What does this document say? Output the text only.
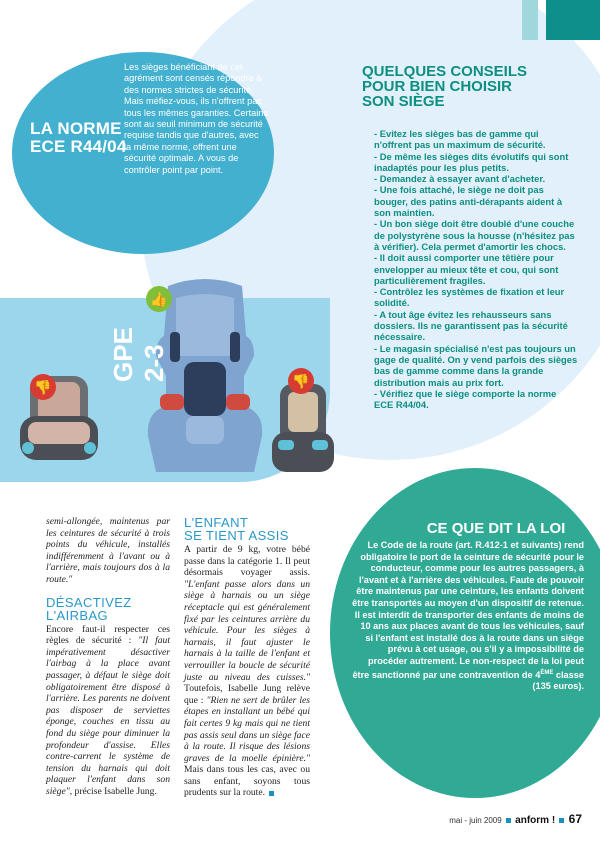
LA NORME ECE R44/04
Les sièges bénéficiant de cet agrément sont censés répondre à des normes strictes de sécurité. Mais méfiez-vous, ils n'offrent pas tous les mêmes garanties. Certains sont au seuil minimum de sécurité requise tandis que d'autres, avec la même norme, offrent une sécurité optimale. A vous de contrôler point par point.
QUELQUES CONSEILS
POUR BIEN CHOISIR
SON SIÈGE
- Evitez les sièges bas de gamme qui n'offrent pas un maximum de sécurité.
- De même les sièges dits évolutifs qui sont inadaptés pour les plus petits.
- Demandez à essayer avant d'acheter.
- Une fois attaché, le siège ne doit pas bouger, des patins anti-dérapants aident à son maintien.
- Un bon siège doit être doublé d'une couche de polystyrène sous la housse (n'hésitez pas à vérifier). Cela permet d'amortir les chocs.
- Il doit aussi comporter une têtière pour envelopper au mieux tête et cou, qui sont particulièrement fragiles.
- Contrôlez les systèmes de fixation et leur solidité.
- A tout âge évitez les rehausseurs sans dossiers. Ils ne garantissent pas la sécurité nécessaire.
- Le magasin spécialisé n'est pas toujours un gage de qualité. On y vend parfois des sièges bas de gamme comme dans la grande distribution mais au prix fort.
- Vérifiez que le siège comporte la norme ECE R44/04.
👎
👍
GPE 2-3	👎
semi-allongée, maintenus par les ceintures de sécurité à trois points du véhicule, installés indifféremment à l'avant ou à l'arrière, mais toujours dos à la route."
DÉSACTIVEZ
L'AIRBAG
Encore faut-il respecter ces règles de sécurité : "Il faut impérativement désactiver l'airbag à la place avant passager, à défaut le siège doit obligatoirement être disposé à l'arrière. Les parents ne doivent pas disposer de serviettes éponge, couches en tissu au fond du siège pour diminuer la profondeur d'assise. Elles contre-carrent le système de tension du harnais qui doit plaquer l'enfant dans son siège", précise Isabelle Jung.
L'ENFANT
SE TIENT ASSIS
A partir de 9 kg, votre bébé passe dans la catégorie 1. Il peut désormais voyager assis. "L'enfant passe alors dans un siège à harnais ou un siège réceptacle qui est généralement fixé par les ceintures arrière du véhicule. Pour les sièges à harnais, il faut ajuster le harnais à la taille de l'enfant et verrouiller la boucle de sécurité juste au niveau des cuisses." Toutefois, Isabelle Jung relève que : "Rien ne sert de brûler les étapes en installant un bébé qui fait certes 9 kg mais qui ne tient pas assis seul dans un siège face à la route. Il risque des lésions graves de la moelle épinière." Mais dans tous les cas, avec ou sans enfant, soyons tous prudents sur la route.
CE QUE DIT LA LOI
Le Code de la route (art. R.412-1 et suivants) rend obligatoire le port de la ceinture de sécurité pour le conducteur, comme pour les autres passagers, à l'avant et à l'arrière des véhicules. Faute de pouvoir être maintenus par une ceinture, les enfants doivent être transportés au moyen d'un dispositif de retenue. Il est interdit de transporter des enfants de moins de 10 ans aux places avant de tous les véhicules, sauf si l'enfant est installé dos à la route dans un siège prévu à cet usage, ou s'il y a impossibilité de procéder autrement. Le non-respect de la loi peut être sanctionné par une contravention de 4ÈME classe (135 euros).
mai - juin 2009 anform ! 67
